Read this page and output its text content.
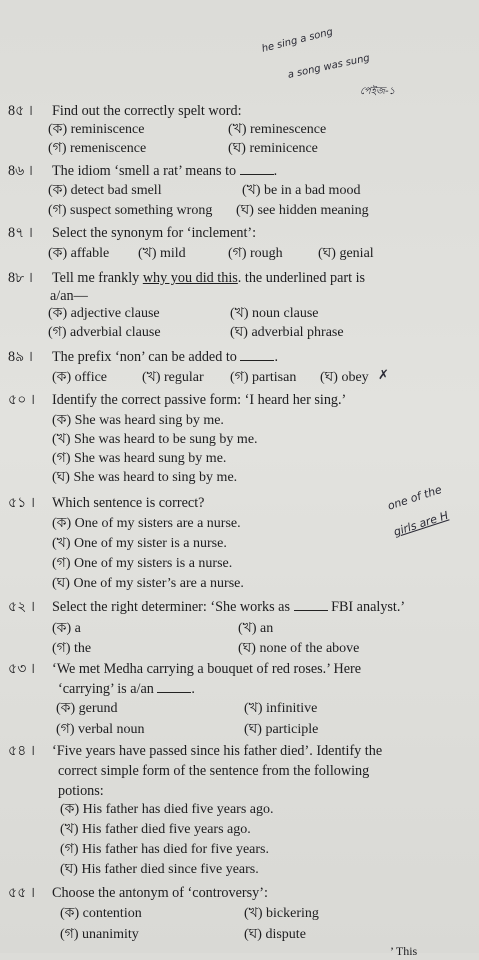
he sing a song
a song was sung
পেইজ-১
one of the
girls are H
8৫ । Find out the correctly spelt word:
(ক) reminiscence	(খ) reminescence
(গ) remeniscence	(ঘ) reminicence
8৬ । The idiom ‘smell a rat’ means to	.
(ক) detect bad smell	(খ) be in a bad mood
(গ) suspect something wrong (ঘ) see hidden meaning
8৭ । Select the synonym for ‘inclement’:
(ক) affable (খ) mild	(গ) rough	(ঘ) genial
8৮ । Tell me frankly why you did this. the underlined part is
a/an—
(ক) adjective clause	(খ) noun clause
(গ) adverbial clause	(ঘ) adverbial phrase
8৯ । The prefix ‘non’ can be added to	.
(ক) office (খ) regular (গ) partisan (ঘ) obey ✗
৫০ । Identify the correct passive form: ‘I heard her sing.’
(ক) She was heard sing by me.
(খ) She was heard to be sung by me.
(গ) She was heard sung by me.
(ঘ) She was heard to sing by me.
৫১ । Which sentence is correct?
(ক) One of my sisters are a nurse.
(খ) One of my sister is a nurse.
(গ) One of my sisters is a nurse.
(ঘ) One of my sister’s are a nurse.
৫২ । Select the right determiner: ‘She works as  FBI analyst.’
(ক) a	(খ) an
(গ) the	(ঘ) none of the above
৫৩ । ‘We met Medha carrying a bouquet of red roses.’ Here
‘carrying’ is a/an	.
(ক) gerund	(খ) infinitive
(গ) verbal noun	(ঘ) participle
৫৪ । ‘Five years have passed since his father died’. Identify the
correct simple form of the sentence from the following
potions:
(ক) His father has died five years ago.
(খ) His father died five years ago.
(গ) His father has died for five years.
(ঘ) His father died since five years.
৫৫ । Choose the antonym of ‘controversy’:
(ক) contention	(খ) bickering
(গ) unanimity	(ঘ) dispute
’ This
